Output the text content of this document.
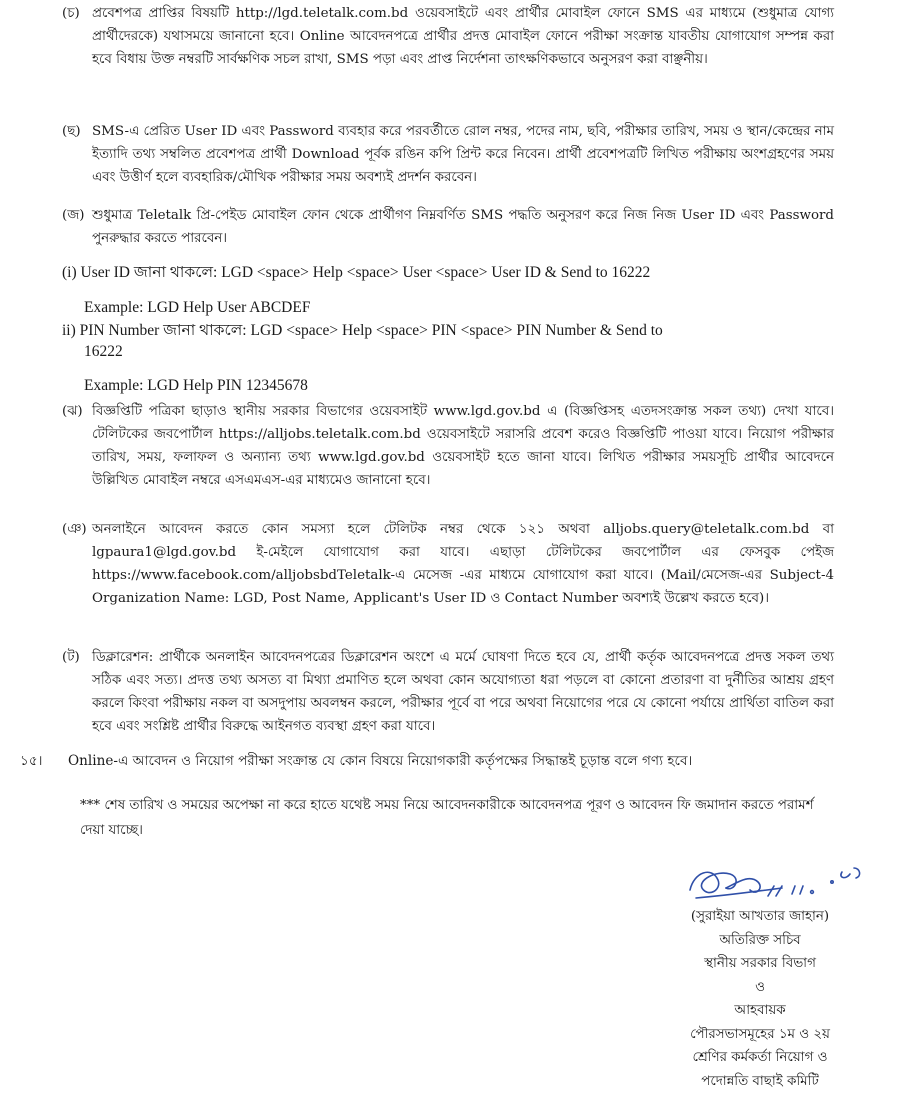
(চ) প্রবেশপত্র প্রাপ্তির বিষয়টি http://lgd.teletalk.com.bd ওয়েবসাইটে এবং প্রার্থীর মোবাইল ফোনে SMS এর মাধ্যমে (শুধুমাত্র যোগ্য প্রার্থীদেরকে) যথাসময়ে জানানো হবে। Online আবেদনপত্রে প্রার্থীর প্রদত্ত মোবাইল ফোনে পরীক্ষা সংক্রান্ত যাবতীয় যোগাযোগ সম্পন্ন করা হবে বিধায় উক্ত নম্বরটি সার্বক্ষণিক সচল রাখা, SMS পড়া এবং প্রাপ্ত নির্দেশনা তাৎক্ষণিকভাবে অনুসরণ করা বাঞ্ছনীয়।
(ছ) SMS-এ প্রেরিত User ID এবং Password ব্যবহার করে পরবর্তীতে রোল নম্বর, পদের নাম, ছবি, পরীক্ষার তারিখ, সময় ও স্থান/কেন্দ্রের নাম ইত্যাদি তথ্য সম্বলিত প্রবেশপত্র প্রার্থী Download পূর্বক রঙিন কপি প্রিন্ট করে নিবেন। প্রার্থী প্রবেশপত্রটি লিখিত পরীক্ষায় অংশগ্রহণের সময় এবং উত্তীর্ণ হলে ব্যবহারিক/মৌখিক পরীক্ষার সময় অবশ্যই প্রদর্শন করবেন।
(জ) শুধুমাত্র Teletalk প্রি-পেইড মোবাইল ফোন থেকে প্রার্থীগণ নিম্নবর্ণিত SMS পদ্ধতি অনুসরণ করে নিজ নিজ User ID এবং Password পুনরুদ্ধার করতে পারবেন।
(i) User ID জানা থাকলে: LGD <space> Help <space> User <space> User ID & Send to 16222
Example: LGD Help User ABCDEF
ii) PIN Number জানা থাকলে: LGD <space> Help <space> PIN <space> PIN Number & Send to
16222
Example: LGD Help PIN 12345678
(ঝ) বিজ্ঞপ্তিটি পত্রিকা ছাড়াও স্থানীয় সরকার বিভাগের ওয়েবসাইট www.lgd.gov.bd এ (বিজ্ঞপ্তিসহ এতদসংক্রান্ত সকল তথ্য) দেখা যাবে। টেলিটকের জবপোর্টাল https://alljobs.teletalk.com.bd ওয়েবসাইটে সরাসরি প্রবেশ করেও বিজ্ঞপ্তিটি পাওয়া যাবে। নিয়োগ পরীক্ষার তারিখ, সময়, ফলাফল ও অন্যান্য তথ্য www.lgd.gov.bd ওয়েবসাইট হতে জানা যাবে। লিখিত পরীক্ষার সময়সূচি প্রার্থীর আবেদনে উল্লিখিত মোবাইল নম্বরে এসএমএস-এর মাধ্যমেও জানানো হবে।
(ঞ) অনলাইনে আবেদন করতে কোন সমস্যা হলে টেলিটক নম্বর থেকে ১২১ অথবা alljobs.query@teletalk.com.bd বা lgpaura1@lgd.gov.bd ই-মেইলে যোগাযোগ করা যাবে। এছাড়া টেলিটকের জবপোর্টাল এর ফেসবুক পেইজ https://www.facebook.com/alljobsbdTeletalk-এ মেসেজ -এর মাধ্যমে যোগাযোগ করা যাবে। (Mail/মেসেজ-এর Subject-4 Organization Name: LGD, Post Name, Applicant's User ID ও Contact Number অবশ্যই উল্লেখ করতে হবে)।
(ট) ডিক্লারেশন: প্রার্থীকে অনলাইন আবেদনপত্রের ডিক্লারেশন অংশে এ মর্মে ঘোষণা দিতে হবে যে, প্রার্থী কর্তৃক আবেদনপত্রে প্রদত্ত সকল তথ্য সঠিক এবং সত্য। প্রদত্ত তথ্য অসত্য বা মিথ্যা প্রমাণিত হলে অথবা কোন অযোগ্যতা ধরা পড়লে বা কোনো প্রতারণা বা দুর্নীতির আশ্রয় গ্রহণ করলে কিংবা পরীক্ষায় নকল বা অসদুপায় অবলম্বন করলে, পরীক্ষার পূর্বে বা পরে অথবা নিয়োগের পরে যে কোনো পর্যায়ে প্রার্থিতা বাতিল করা হবে এবং সংশ্লিষ্ট প্রার্থীর বিরুদ্ধে আইনগত ব্যবস্থা গ্রহণ করা যাবে।
১৫। Online-এ আবেদন ও নিয়োগ পরীক্ষা সংক্রান্ত যে কোন বিষয়ে নিয়োগকারী কর্তৃপক্ষের সিদ্ধান্তই চূড়ান্ত বলে গণ্য হবে।
*** শেষ তারিখ ও সময়ের অপেক্ষা না করে হাতে যথেষ্ট সময় নিয়ে আবেদনকারীকে আবেদনপত্র পূরণ ও আবেদন ফি জমাদান করতে পরামর্শ দেয়া যাচ্ছে।
(সুরাইয়া আখতার জাহান)
অতিরিক্ত সচিব
স্থানীয় সরকার বিভাগ
ও
আহবায়ক
পৌরসভাসমূহের ১ম ও ২য়
শ্রেণির কর্মকর্তা নিয়োগ ও
পদোন্নতি বাছাই কমিটি
